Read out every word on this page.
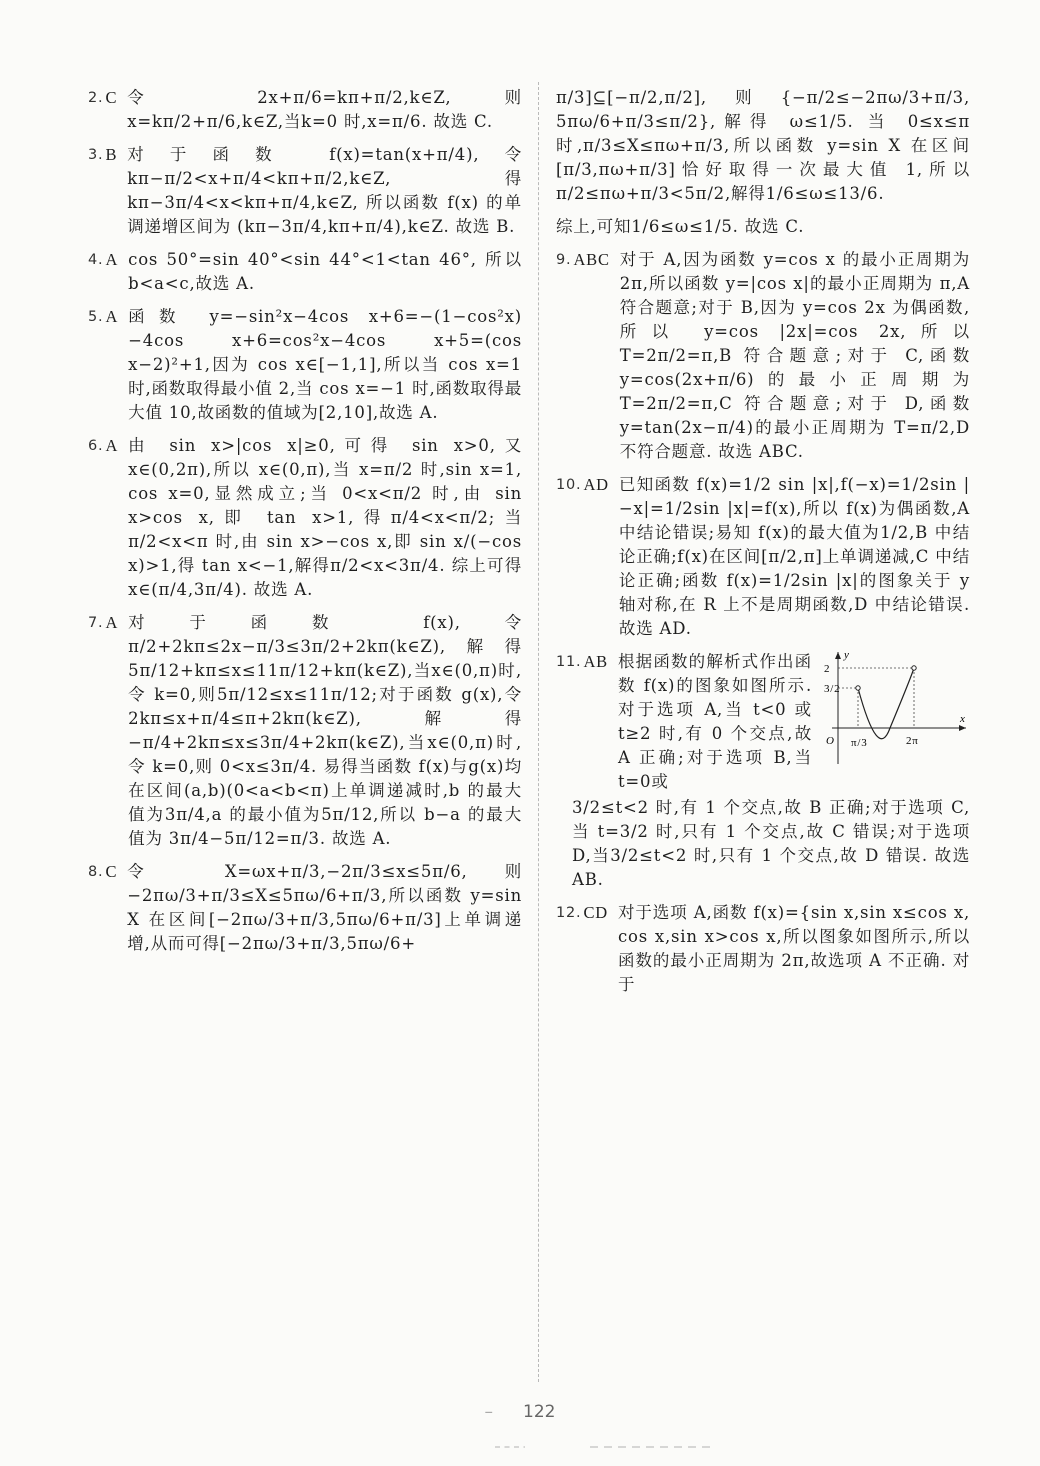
2. C 令 2x+π/6=kπ+π/2,k∈Z,则 x=kπ/2+π/6,k∈Z,当k=0 时,x=π/6. 故选 C.
3. B 对于函数 f(x)=tan(x+π/4),令 kπ−π/2<x+π/4<kπ+π/2,k∈Z,得 kπ−3π/4<x<kπ+π/4,k∈Z, 所以函数 f(x) 的单调递增区间为 (kπ−3π/4,kπ+π/4),k∈Z. 故选 B.
4. A cos 50°=sin 40°<sin 44°<1<tan 46°, 所以 b<a<c,故选 A.
5. A 函数 y=−sin²x−4cos x+6=−(1−cos²x)−4cos x+6=cos²x−4cos x+5=(cos x−2)²+1,因为 cos x∈[−1,1],所以当 cos x=1 时,函数取得最小值 2,当 cos x=−1 时,函数取得最大值 10,故函数的值域为[2,10],故选 A.
6. A 由 sin x>|cos x|≥0,可得 sin x>0,又 x∈(0,2π),所以 x∈(0,π),当 x=π/2 时,sin x=1, cos x=0,显然成立;当 0<x<π/2 时,由 sin x>cos x,即 tan x>1,得π/4<x<π/2;当π/2<x<π 时,由 sin x>−cos x,即 sin x/(−cos x)>1,得 tan x<−1,解得π/2<x<3π/4. 综上可得 x∈(π/4,3π/4). 故选 A.
7. A 对于函数 f(x),令π/2+2kπ≤2x−π/3≤3π/2+2kπ(k∈Z),解得5π/12+kπ≤x≤11π/12+kπ(k∈Z),当x∈(0,π)时,令 k=0,则5π/12≤x≤11π/12;对于函数 g(x),令 2kπ≤x+π/4≤π+2kπ(k∈Z),解得−π/4+2kπ≤x≤3π/4+2kπ(k∈Z),当x∈(0,π)时,令 k=0,则 0<x≤3π/4. 易得当函数 f(x)与g(x)均在区间(a,b)(0<a<b<π)上单调递减时,b 的最大值为3π/4,a 的最小值为5π/12,所以 b−a 的最大值为 3π/4−5π/12=π/3. 故选 A.
8. C 令 X=ωx+π/3,−2π/3≤x≤5π/6,则−2πω/3+π/3≤X≤5πω/6+π/3,所以函数 y=sin X 在区间[−2πω/3+π/3,5πω/6+π/3]上单调递增,从而可得[−2πω/3+π/3,5πω/6+
π/3]⊆[−π/2,π/2],则{−π/2≤−2πω/3+π/3, 5πω/6+π/3≤π/2},解得 ω≤1/5. 当 0≤x≤π 时,π/3≤X≤πω+π/3,所以函数 y=sin X 在区间[π/3,πω+π/3]恰好取得一次最大值 1,所以π/2≤πω+π/3<5π/2,解得1/6≤ω≤13/6.
综上,可知1/6≤ω≤1/5. 故选 C.
9. ABC 对于 A,因为函数 y=cos x 的最小正周期为 2π,所以函数 y=|cos x|的最小正周期为 π,A 符合题意;对于 B,因为 y=cos 2x 为偶函数,所以 y=cos |2x|=cos 2x,所以 T=2π/2=π,B 符合题意;对于 C,函数 y=cos(2x+π/6)的最小正周期为 T=2π/2=π,C 符合题意;对于 D,函数 y=tan(2x−π/4)的最小正周期为 T=π/2,D 不符合题意. 故选 ABC.
10. AD 已知函数 f(x)=1/2 sin |x|,f(−x)=1/2sin |−x|=1/2sin |x|=f(x),所以 f(x)为偶函数,A 中结论错误;易知 f(x)的最大值为1/2,B 中结论正确;f(x)在区间[π/2,π]上单调递减,C 中结论正确;函数 f(x)=1/2sin |x|的图象关于 y 轴对称,在 R 上不是周期函数,D 中结论错误. 故选 AD.
11. AB 根据函数的解析式作出函数 f(x)的图象如图所示. 对于选项 A,当 t<0 或 t≥2 时,有 0 个交点,故 A 正确;对于选项 B,当t=0或
y
x
O
2
3/2
π/3	2π
3/2≤t<2 时,有 1 个交点,故 B 正确;对于选项 C,当 t=3/2 时,只有 1 个交点,故 C 错误;对于选项 D,当3/2≤t<2 时,只有 1 个交点,故 D 错误. 故选 AB.
12. CD 对于选项 A,函数 f(x)={sin x,sin x≤cos x, cos x,sin x>cos x,所以图象如图所示,所以函数的最小正周期为 2π,故选项 A 不正确. 对于
– 122
